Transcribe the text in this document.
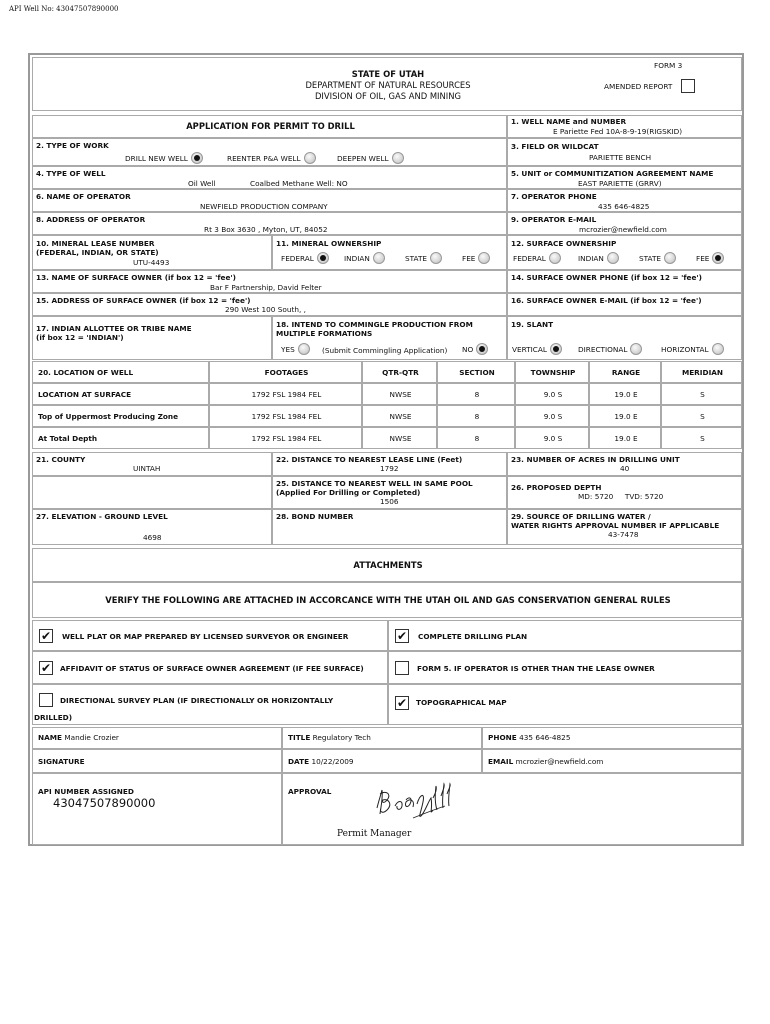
API Well No: 43047507890000
STATE OF UTAH
DEPARTMENT OF NATURAL RESOURCES
DIVISION OF OIL, GAS AND MINING
FORM 3
AMENDED REPORT
APPLICATION FOR PERMIT TO DRILL	1. WELL NAME and NUMBER
E Pariette Fed 10A-8-9-19(RIGSKID)
2. TYPE OF WORK
DRILL NEW WELL	REENTER P&A WELL	DEEPEN WELL
3. FIELD OR WILDCAT
PARIETTE BENCH
4. TYPE OF WELL
Oil Well	Coalbed Methane Well: NO
5. UNIT or COMMUNITIZATION AGREEMENT NAME
EAST PARIETTE (GRRV)
6. NAME OF OPERATOR
NEWFIELD PRODUCTION COMPANY
7. OPERATOR PHONE
435 646-4825
8. ADDRESS OF OPERATOR
Rt 3 Box 3630 , Myton, UT, 84052
9. OPERATOR E-MAIL
mcrozier@newfield.com
10. MINERAL LEASE NUMBER
(FEDERAL, INDIAN, OR STATE)
UTU-4493
11. MINERAL OWNERSHIP
FEDERAL	INDIAN	STATE	FEE
12. SURFACE OWNERSHIP
FEDERAL	INDIAN	STATE	FEE
13. NAME OF SURFACE OWNER (if box 12 = 'fee')
Bar F Partnership, David Felter
14. SURFACE OWNER PHONE (if box 12 = 'fee')
15. ADDRESS OF SURFACE OWNER (if box 12 = 'fee')
290 West 100 South, ,
16. SURFACE OWNER E-MAIL (if box 12 = 'fee')
17. INDIAN ALLOTTEE OR TRIBE NAME
(if box 12 = 'INDIAN')
18. INTEND TO COMMINGLE PRODUCTION FROM
MULTIPLE FORMATIONS
YES	(Submit Commingling Application) NO
19. SLANT
VERTICAL	DIRECTIONAL	HORIZONTAL
20. LOCATION OF WELL	FOOTAGES	QTR-QTR	SECTION	TOWNSHIP	RANGE	MERIDIAN
LOCATION AT SURFACE	1792 FSL 1984 FEL	NWSE	8	9.0 S	19.0 E	S
Top of Uppermost Producing Zone	1792 FSL 1984 FEL	NWSE	8	9.0 S	19.0 E	S
At Total Depth	1792 FSL 1984 FEL	NWSE	8	9.0 S	19.0 E	S
21. COUNTY
UINTAH
22. DISTANCE TO NEAREST LEASE LINE (Feet)
1792
23. NUMBER OF ACRES IN DRILLING UNIT
40
25. DISTANCE TO NEAREST WELL IN SAME POOL
(Applied For Drilling or Completed)
1506
26. PROPOSED DEPTH
MD: 5720     TVD: 5720
27. ELEVATION - GROUND LEVEL
4698
28. BOND NUMBER	29. SOURCE OF DRILLING WATER /
WATER RIGHTS APPROVAL NUMBER IF APPLICABLE
43-7478
ATTACHMENTS
VERIFY THE FOLLOWING ARE ATTACHED IN ACCORCANCE WITH THE UTAH OIL AND GAS CONSERVATION GENERAL RULES
✔ WELL PLAT OR MAP PREPARED BY LICENSED SURVEYOR OR ENGINEER	✔ COMPLETE DRILLING PLAN
✔ AFFIDAVIT OF STATUS OF SURFACE OWNER AGREEMENT (IF FEE SURFACE)	FORM 5. IF OPERATOR IS OTHER THAN THE LEASE OWNER
DIRECTIONAL SURVEY PLAN (IF DIRECTIONALLY OR HORIZONTALLY
DRILLED)
✔ TOPOGRAPHICAL MAP
NAME Mandie Crozier	TITLE Regulatory Tech	PHONE 435 646-4825
SIGNATURE	DATE 10/22/2009	EMAIL mcrozier@newfield.com
API NUMBER ASSIGNED
43047507890000
APPROVAL
Permit Manager
